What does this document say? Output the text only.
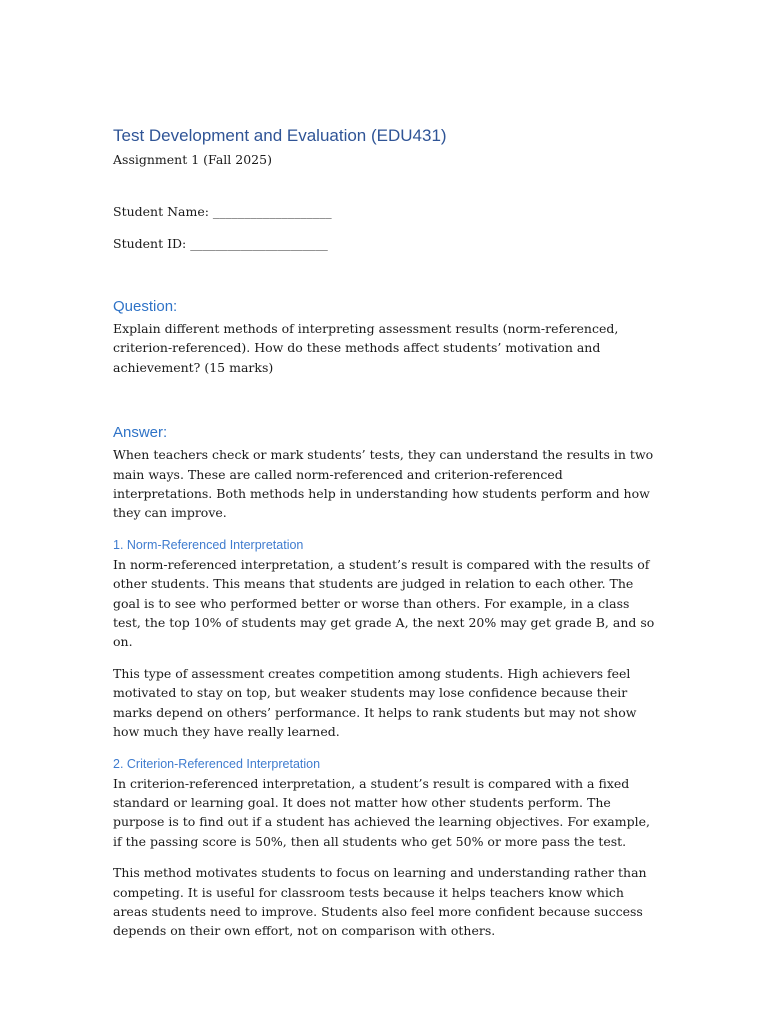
Test Development and Evaluation (EDU431)

Assignment 1 (Fall 2025)

Student Name: ___________________

Student ID: ______________________

Question:

Explain different methods of interpreting assessment results (norm-referenced, criterion-referenced). How do these methods affect students’ motivation and achievement? (15 marks)

Answer:

When teachers check or mark students’ tests, they can understand the results in two main ways. These are called norm-referenced and criterion-referenced interpretations. Both methods help in understanding how students perform and how they can improve.

1. Norm-Referenced Interpretation

In norm-referenced interpretation, a student’s result is compared with the results of other students. This means that students are judged in relation to each other. The goal is to see who performed better or worse than others. For example, in a class test, the top 10% of students may get grade A, the next 20% may get grade B, and so on.

This type of assessment creates competition among students. High achievers feel motivated to stay on top, but weaker students may lose confidence because their marks depend on others’ performance. It helps to rank students but may not show how much they have really learned.

2. Criterion-Referenced Interpretation

In criterion-referenced interpretation, a student’s result is compared with a fixed standard or learning goal. It does not matter how other students perform. The purpose is to find out if a student has achieved the learning objectives. For example, if the passing score is 50%, then all students who get 50% or more pass the test.

This method motivates students to focus on learning and understanding rather than competing. It is useful for classroom tests because it helps teachers know which areas students need to improve. Students also feel more confident because success depends on their own effort, not on comparison with others.
